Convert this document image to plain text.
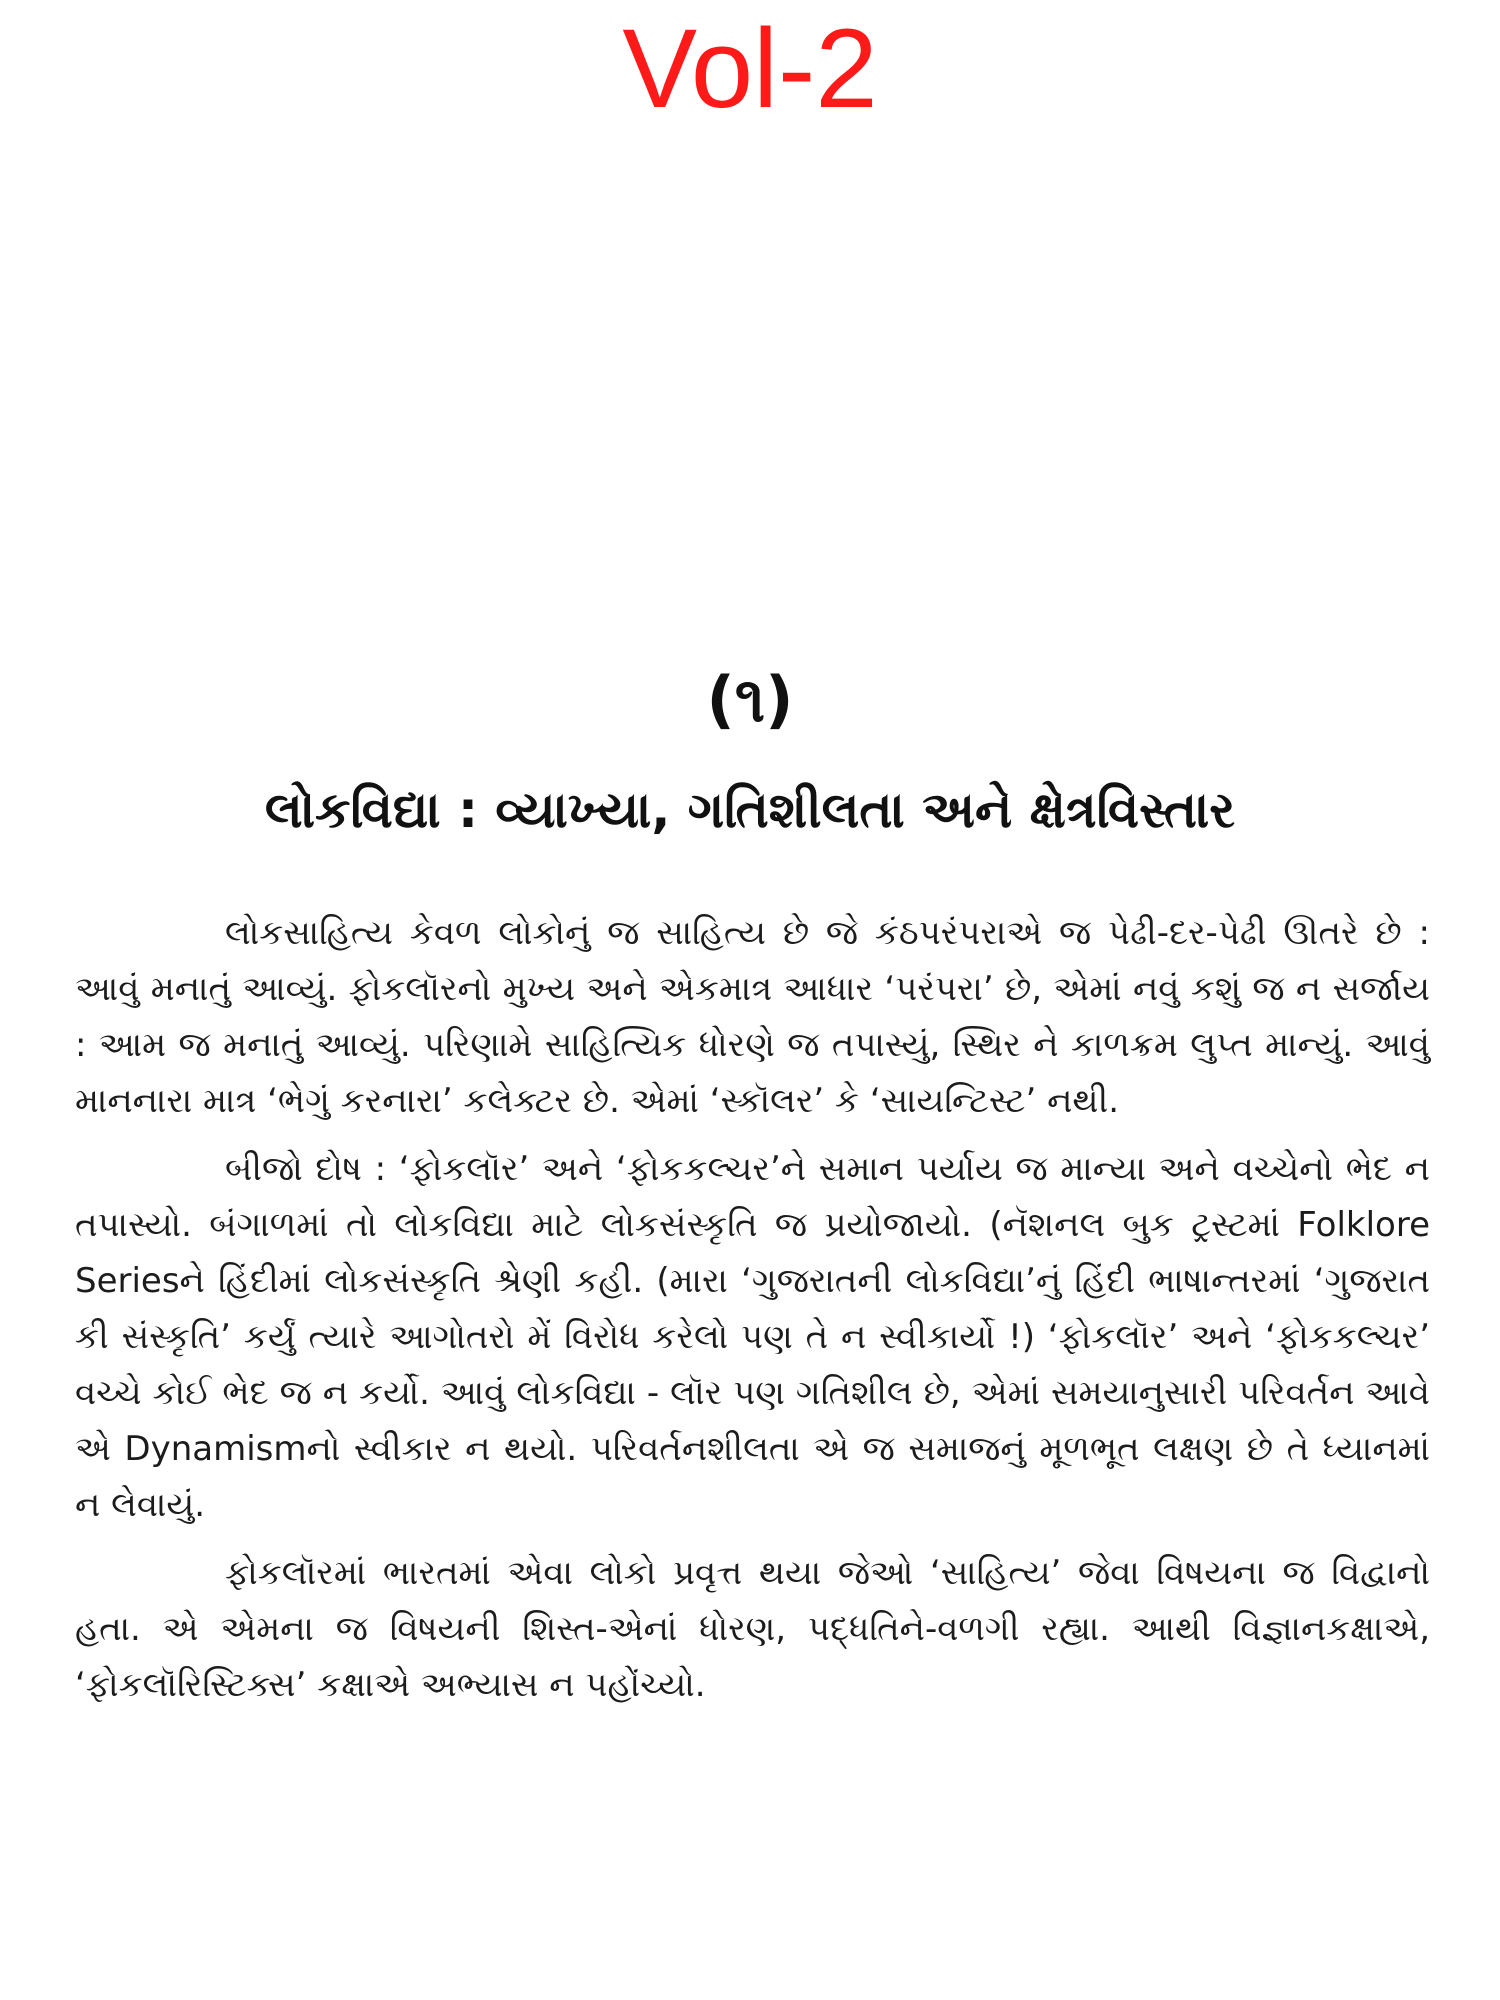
Vol-2
(૧)
લોકવિદ્યા : વ્યાખ્યા, ગતિશીલતા અને ક્ષેત્રવિસ્તાર

લોકસાહિત્ય કેવળ લોકોનું જ સાહિત્ય છે જે કંઠપરંપરાએ જ પેઢી-દર-પેઢી ઊતરે છે : આવું મનાતું આવ્યું. ફોકલૉરનો મુખ્ય અને એકમાત્ર આધાર ‘પરંપરા’ છે, એમાં નવું કશું જ ન સર્જાય : આમ જ મનાતું આવ્યું. પરિણામે સાહિત્યિક ધોરણે જ તપાસ્યું, સ્થિર ને કાળક્રમ લુપ્ત માન્યું. આવું માનનારા માત્ર ‘ભેગું કરનારા’ કલેક્ટર છે. એમાં ‘સ્કૉલર’ કે ‘સાયન્ટિસ્ટ’ નથી.

બીજો દોષ : ‘ફોકલૉર’ અને ‘ફોકકલ્ચર’ને સમાન પર્યાય જ માન્યા અને વચ્ચેનો ભેદ ન તપાસ્યો. બંગાળમાં તો લોકવિદ્યા માટે લોકસંસ્કૃતિ જ પ્રયોજાયો. (નૅશનલ બુક ટ્રસ્ટમાં Folklore Seriesને હિંદીમાં લોકસંસ્કૃતિ શ્રેણી કહી. (મારા ‘ગુજરાતની લોકવિદ્યા’નું હિંદી ભાષાન્તરમાં ‘ગુજરાત કી સંસ્કૃતિ’ કર્યું ત્યારે આગોતરો મેં વિરોધ કરેલો પણ તે ન સ્વીકાર્યો !) ‘ફોકલૉર’ અને ‘ફોકકલ્ચર’ વચ્ચે કોઈ ભેદ જ ન કર્યો. આવું લોકવિદ્યા - લૉર પણ ગતિશીલ છે, એમાં સમયાનુસારી પરિવર્તન આવે એ Dynamismનો સ્વીકાર ન થયો. પરિવર્તનશીલતા એ જ સમાજનું મૂળભૂત લક્ષણ છે તે ધ્યાનમાં ન લેવાયું.

ફોકલૉરમાં ભારતમાં એવા લોકો પ્રવૃત્ત થયા જેઓ ‘સાહિત્ય’ જેવા વિષયના જ વિદ્વાનો હતા. એ એમના જ વિષયની શિસ્ત-એનાં ધોરણ, પદ્ધતિને-વળગી રહ્યા. આથી વિજ્ઞાનકક્ષાએ, ‘ફોકલૉરિસ્ટિક્સ’ કક્ષાએ અભ્યાસ ન પહોંચ્યો.
